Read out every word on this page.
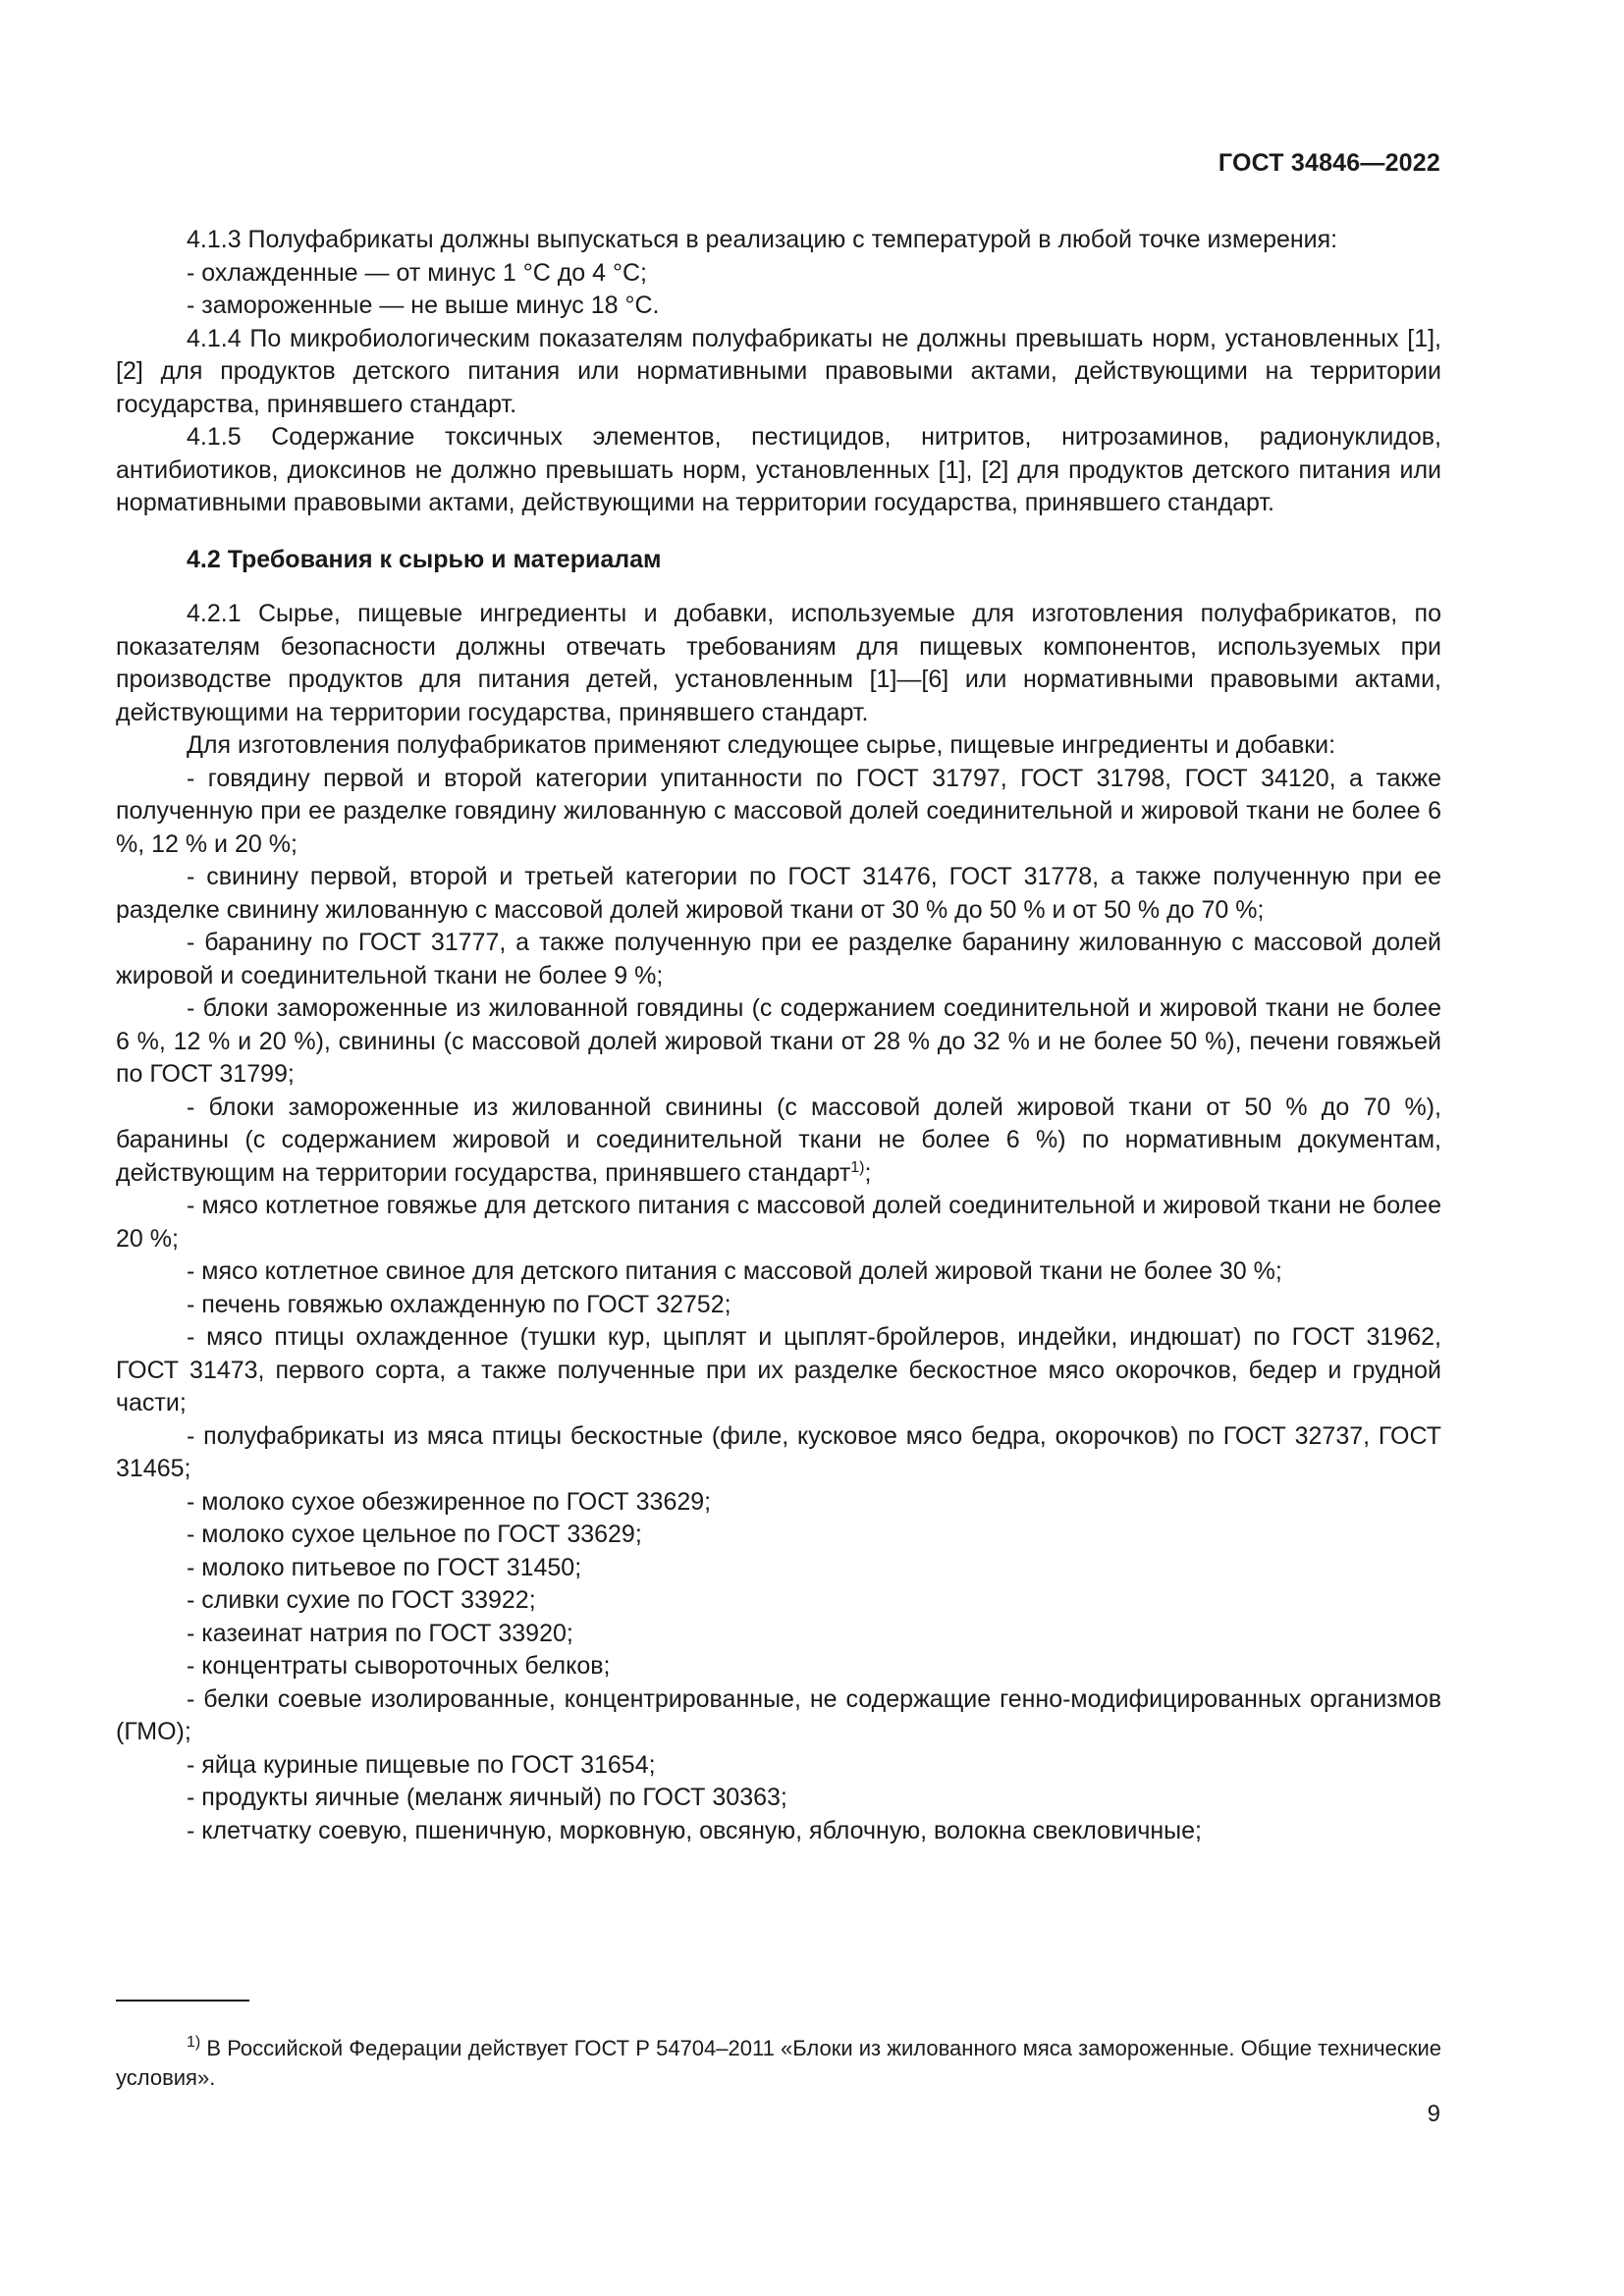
ГОСТ 34846—2022

4.1.3 Полуфабрикаты должны выпускаться в реализацию с температурой в любой точке измерения:

- охлажденные — от минус 1 °С до 4 °С;

- замороженные — не выше минус 18 °С.

4.1.4 По микробиологическим показателям полуфабрикаты не должны превышать норм, установленных [1], [2] для продуктов детского питания или нормативными правовыми актами, действующими на территории государства, принявшего стандарт.

4.1.5 Содержание токсичных элементов, пестицидов, нитритов, нитрозаминов, радионуклидов, антибиотиков, диоксинов не должно превышать норм, установленных [1], [2] для продуктов детского питания или нормативными правовыми актами, действующими на территории государства, принявшего стандарт.

4.2 Требования к сырью и материалам

4.2.1 Сырье, пищевые ингредиенты и добавки, используемые для изготовления полуфабрикатов, по показателям безопасности должны отвечать требованиям для пищевых компонентов, используемых при производстве продуктов для питания детей, установленным [1]—[6] или нормативными правовыми актами, действующими на территории государства, принявшего стандарт.

Для изготовления полуфабрикатов применяют следующее сырье, пищевые ингредиенты и добавки:

- говядину первой и второй категории упитанности по ГОСТ 31797, ГОСТ 31798, ГОСТ 34120, а также полученную при ее разделке говядину жилованную с массовой долей соединительной и жировой ткани не более 6 %, 12 % и 20 %;

- свинину первой, второй и третьей категории по ГОСТ 31476, ГОСТ 31778, а также полученную при ее разделке свинину жилованную с массовой долей жировой ткани от 30 % до 50 % и от 50 % до 70 %;

- баранину по ГОСТ 31777, а также полученную при ее разделке баранину жилованную с массовой долей жировой и соединительной ткани не более 9 %;

- блоки замороженные из жилованной говядины (с содержанием соединительной и жировой ткани не более 6 %, 12 % и 20 %), свинины (с массовой долей жировой ткани от 28 % до 32 % и не более 50 %), печени говяжьей по ГОСТ 31799;

- блоки замороженные из жилованной свинины (с массовой долей жировой ткани от 50 % до 70 %), баранины (с содержанием жировой и соединительной ткани не более 6 %) по нормативным документам, действующим на территории государства, принявшего стандарт$^{1)}$;

- мясо котлетное говяжье для детского питания с массовой долей соединительной и жировой ткани не более 20 %;

- мясо котлетное свиное для детского питания с массовой долей жировой ткани не более 30 %;

- печень говяжью охлажденную по ГОСТ 32752;

- мясо птицы охлажденное (тушки кур, цыплят и цыплят-бройлеров, индейки, индюшат) по ГОСТ 31962, ГОСТ 31473, первого сорта, а также полученные при их разделке бескостное мясо окорочков, бедер и грудной части;

- полуфабрикаты из мяса птицы бескостные (филе, кусковое мясо бедра, окорочков) по ГОСТ 32737, ГОСТ 31465;

- молоко сухое обезжиренное по ГОСТ 33629;

- молоко сухое цельное по ГОСТ 33629;

- молоко питьевое по ГОСТ 31450;

- сливки сухие по ГОСТ 33922;

- казеинат натрия по ГОСТ 33920;

- концентраты сывороточных белков;

- белки соевые изолированные, концентрированные, не содержащие генно-модифицированных организмов (ГМО);

- яйца куриные пищевые по ГОСТ 31654;

- продукты яичные (меланж яичный) по ГОСТ 30363;

- клетчатку соевую, пшеничную, морковную, овсяную, яблочную, волокна свекловичные;

$^{1)}$ В Российской Федерации действует ГОСТ Р 54704–2011 «Блоки из жилованного мяса замороженные. Общие технические условия».

9
